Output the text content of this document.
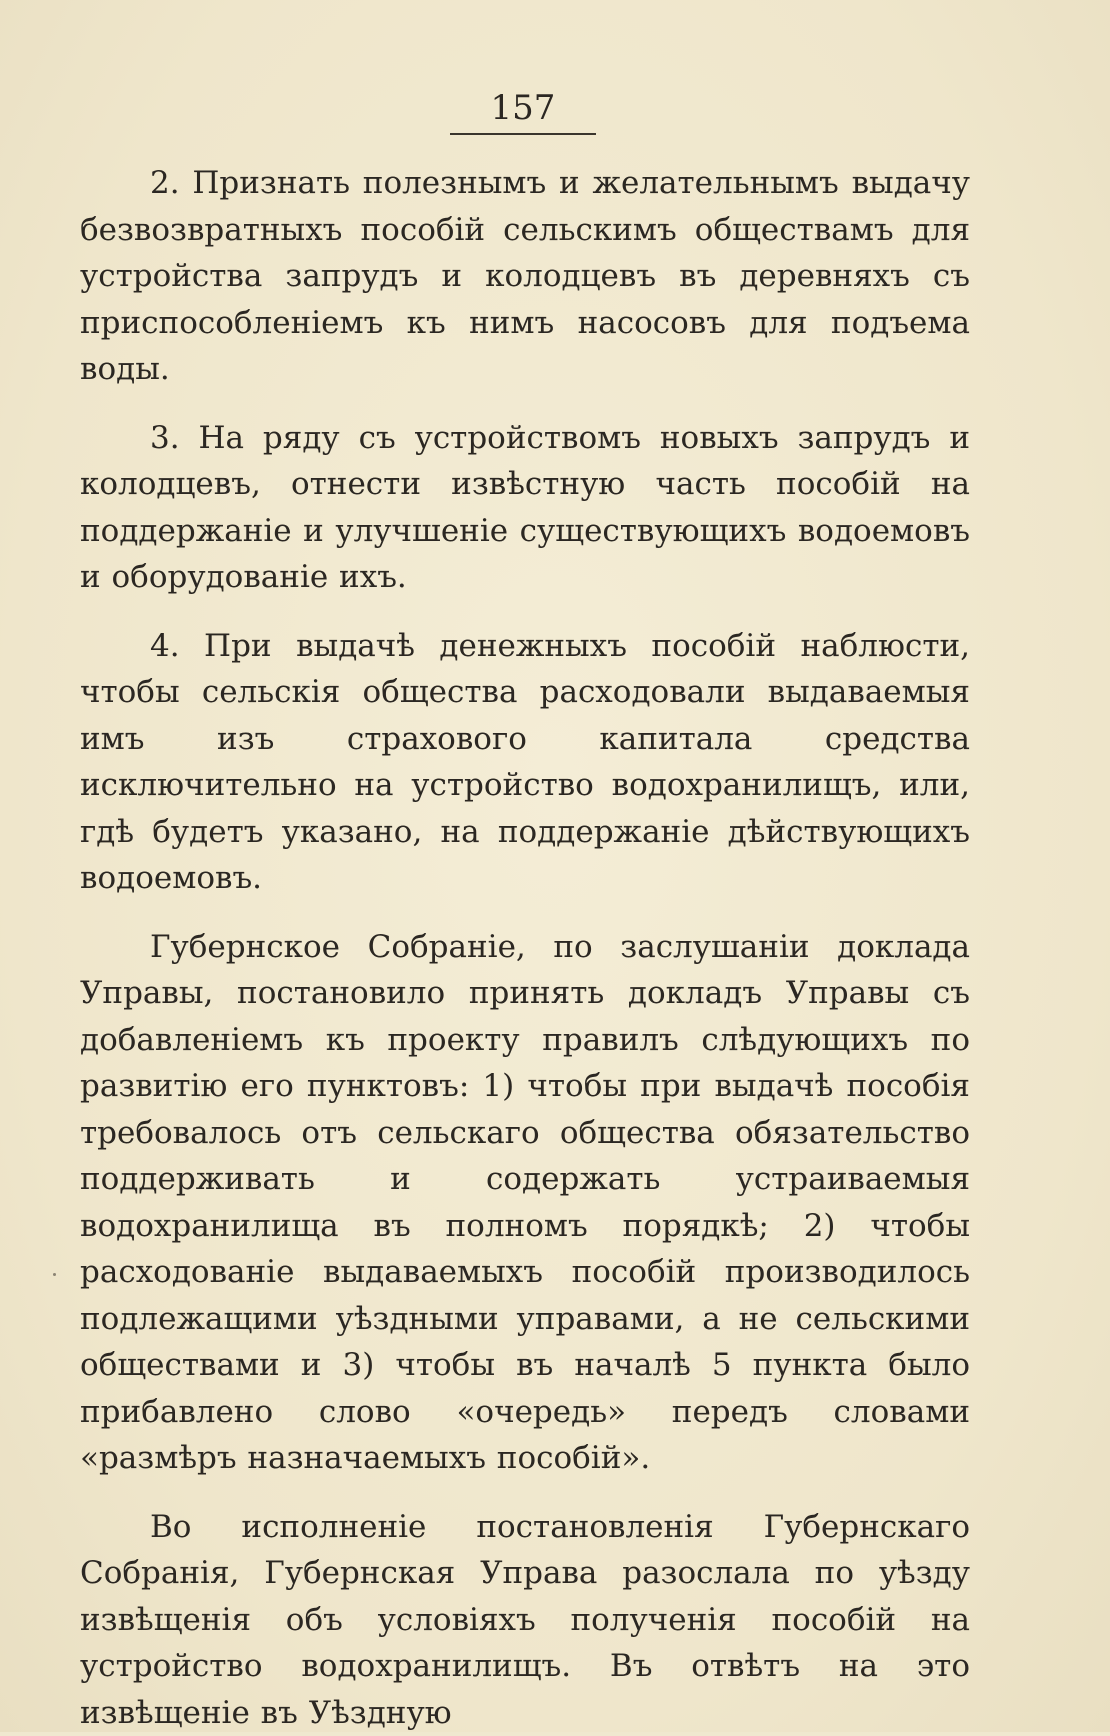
157

2. Признать полезнымъ и желательнымъ выдачу безвозвратныхъ пособій сельскимъ обществамъ для устройства запрудъ и колодцевъ въ деревняхъ съ приспособленіемъ къ нимъ насосовъ для подъема воды.

3. На ряду съ устройствомъ новыхъ запрудъ и колодцевъ, отнести извѣстную часть пособій на поддержаніе и улучшеніе существующихъ водоемовъ и оборудованіе ихъ.

4. При выдачѣ денежныхъ пособій наблюсти, чтобы сельскія общества расходовали выдаваемыя имъ изъ страхового капитала средства исключительно на устройство водохранилищъ, или, гдѣ будетъ указано, на поддержаніе дѣйствующихъ водоемовъ.

Губернское Собраніе, по заслушаніи доклада Управы, постановило принять докладъ Управы съ добавленіемъ къ проекту правилъ слѣдующихъ по развитію его пунктовъ: 1) чтобы при выдачѣ пособія требовалось отъ сельскаго общества обязательство поддерживать и содержать устраиваемыя водохранилища въ полномъ порядкѣ; 2) чтобы расходованіе выдаваемыхъ пособій производилось подлежащими уѣздными управами, а не сельскими обществами и 3) чтобы въ началѣ 5 пункта было прибавлено слово «очередь» передъ словами «размѣръ назначаемыхъ пособій».

Во исполненіе постановленія Губернскаго Собранія, Губернская Управа разослала по уѣзду извѣщенія объ условіяхъ полученія пособій на устройство водохранилищъ. Въ отвѣтъ на это извѣщеніе въ Уѣздную
